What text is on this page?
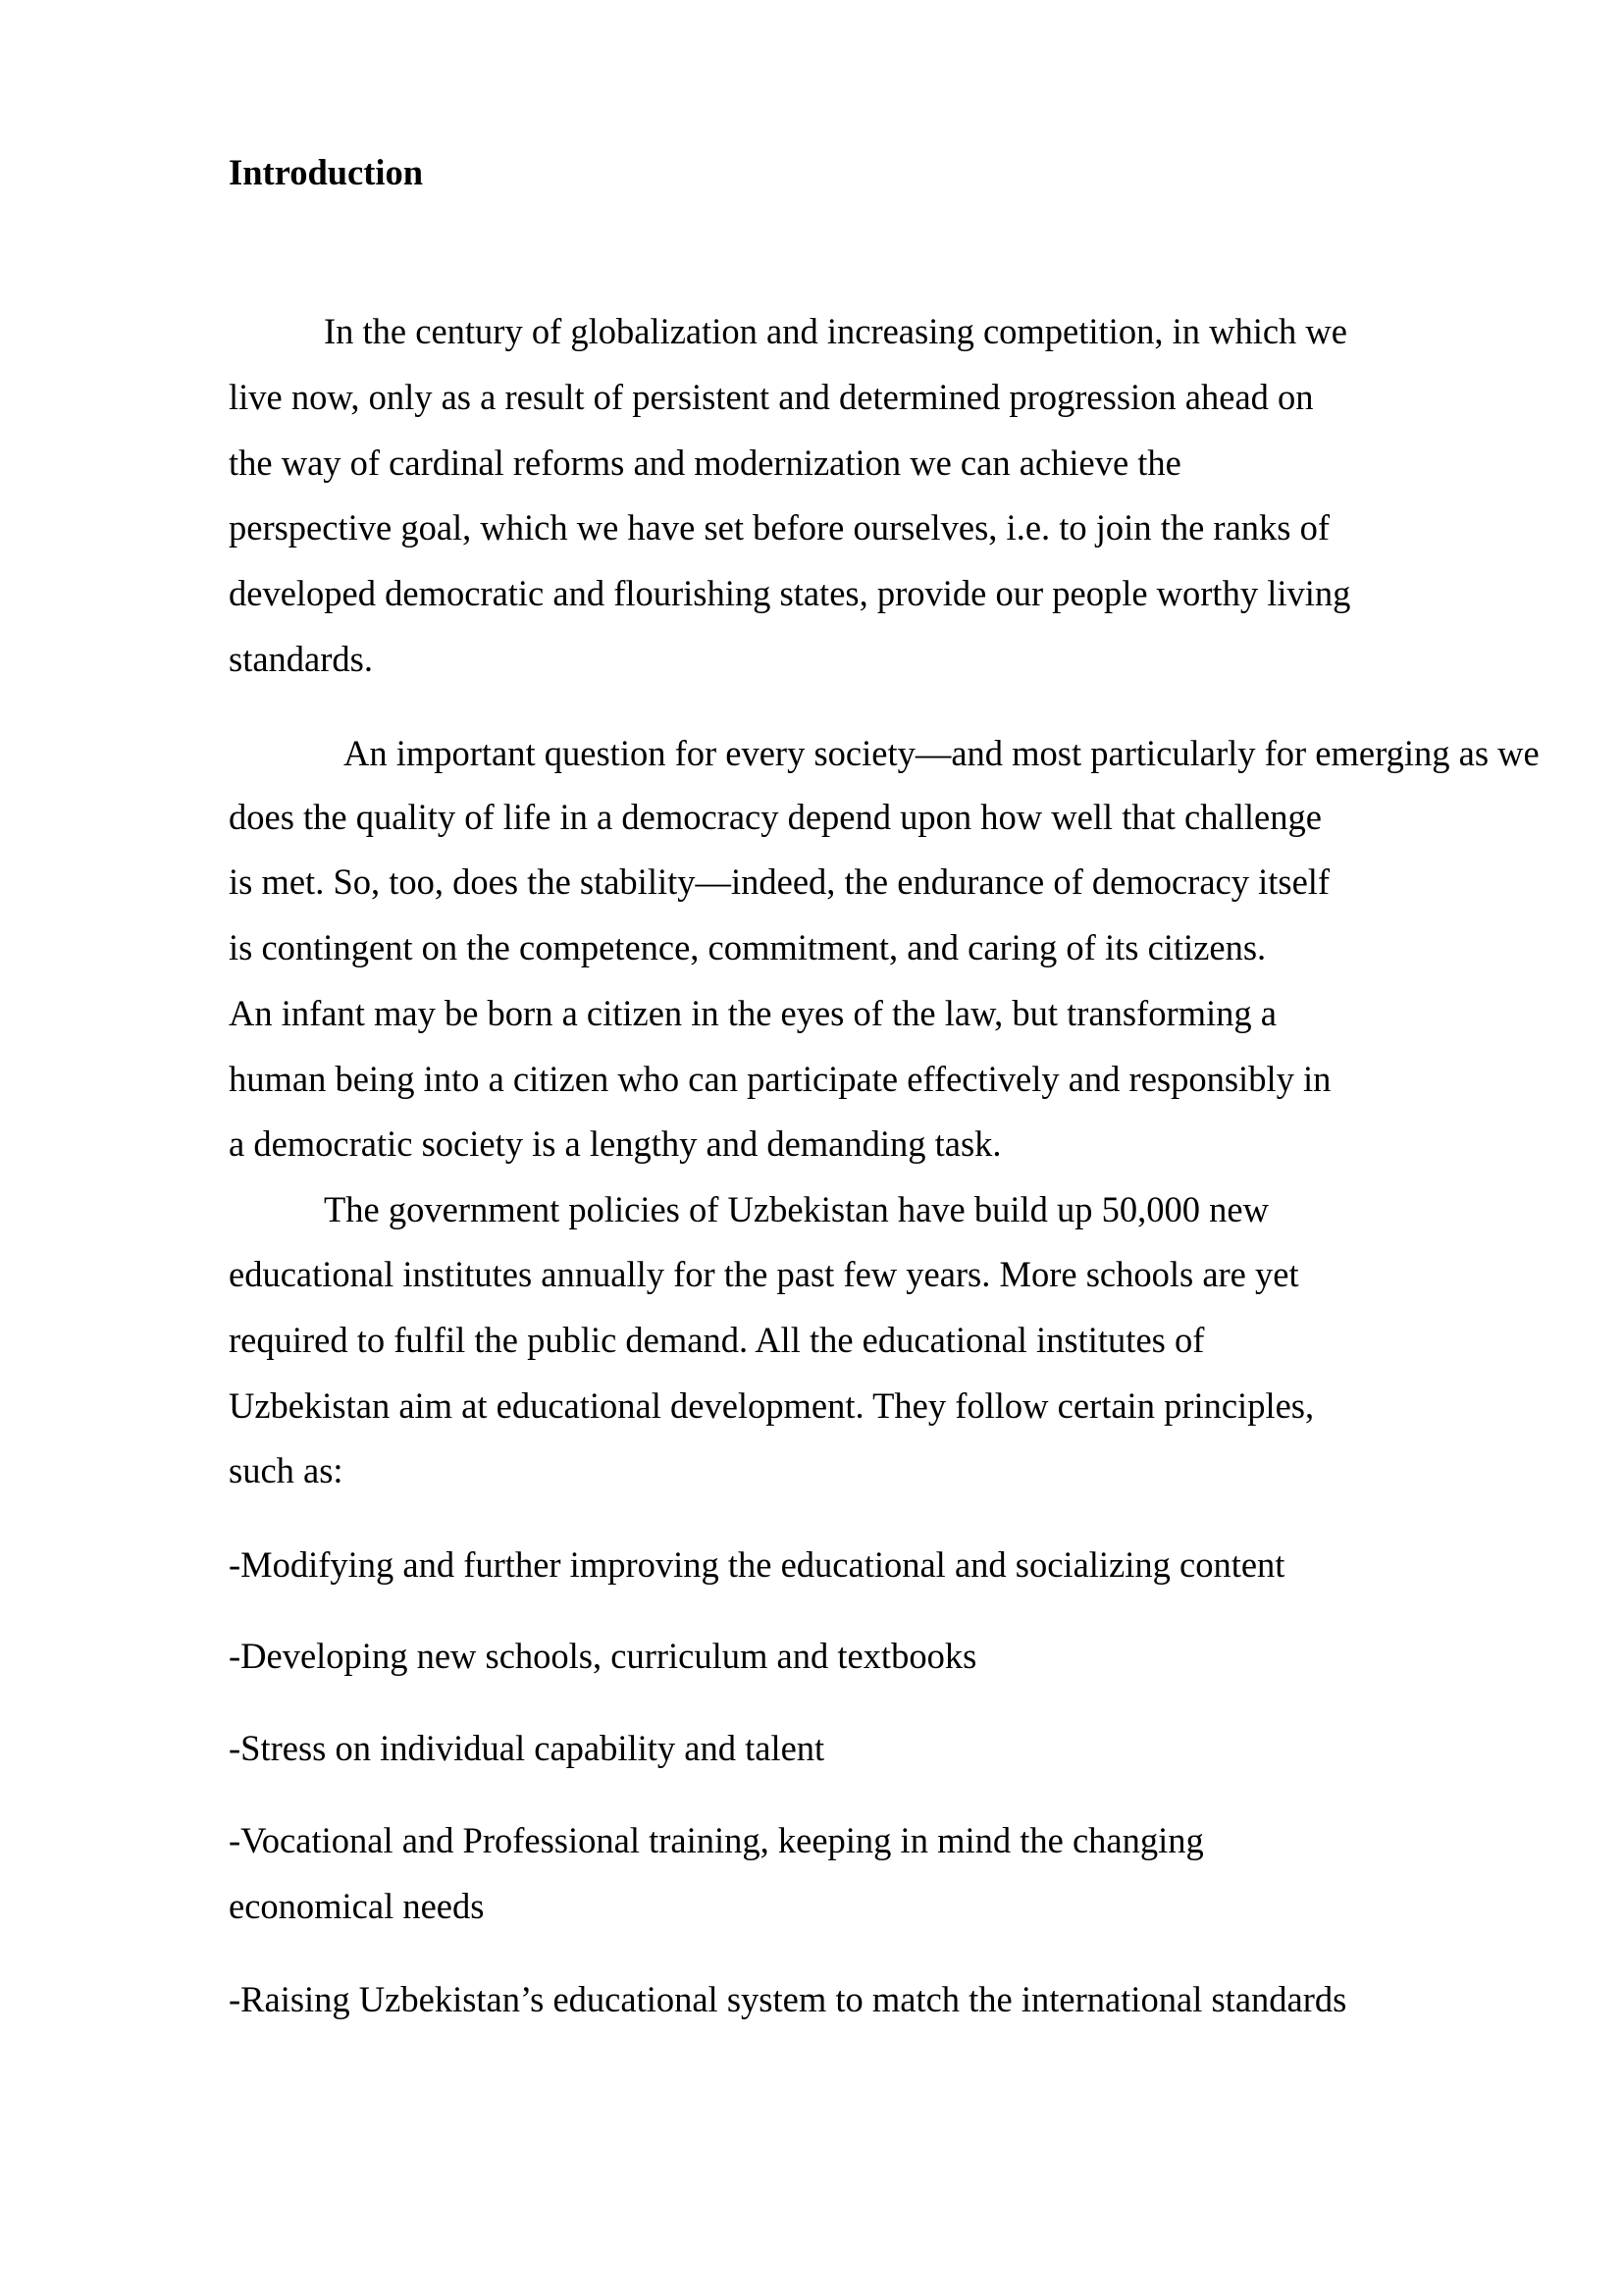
Introduction

In the century of globalization and increasing competition, in which we

live now, only as a result of persistent and determined progression ahead on

the way of cardinal reforms and modernization we can achieve the

perspective goal, which we have set before ourselves, i.e. to join the ranks of

developed democratic and flourishing states, provide our people worthy living

standards.

An important question for every society—and most particularly for emerging as we

does the quality of life in a democracy depend upon how well that challenge

is met. So, too, does the stability—indeed, the endurance of democracy itself

is contingent on the competence, commitment, and caring of its citizens.

An infant may be born a citizen in the eyes of the law, but transforming a

human being into a citizen who can participate effectively and responsibly in

a democratic society is a lengthy and demanding task.

The government policies of Uzbekistan have build up 50,000 new

educational institutes annually for the past few years. More schools are yet

required to fulfil the public demand. All the educational institutes of

Uzbekistan aim at educational development. They follow certain principles,

such as:

-Modifying and further improving the educational and socializing content

-Developing new schools, curriculum and textbooks

-Stress on individual capability and talent

-Vocational and Professional training, keeping in mind the changing

economical needs

-Raising Uzbekistan’s educational system to match the international standards
